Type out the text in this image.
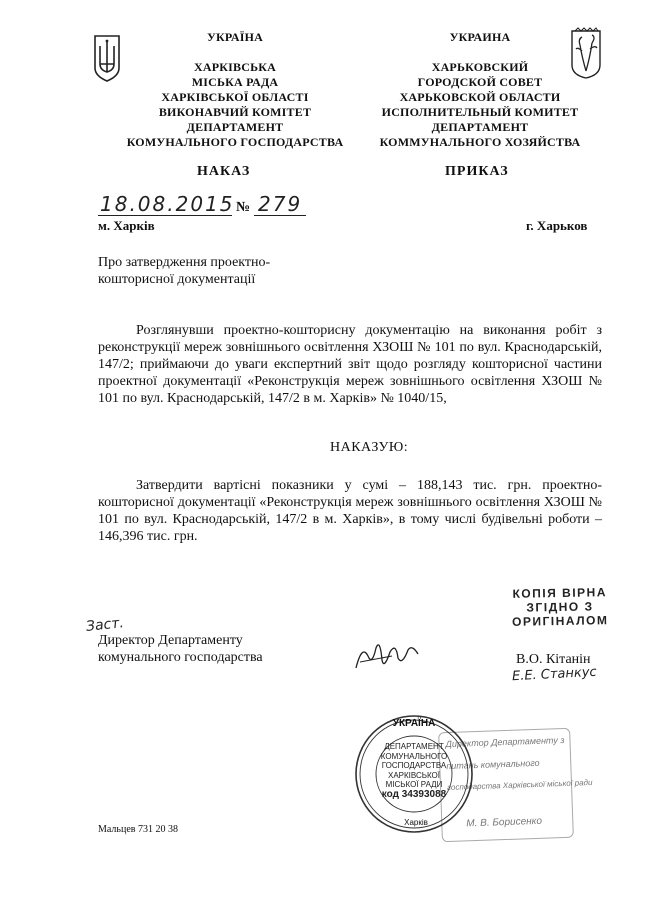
УКРАЇНА
ХАРКІВСЬКА
МІСЬКА РАДА
ХАРКІВСЬКОЇ ОБЛАСТІ
ВИКОНАВЧИЙ КОМІТЕТ
ДЕПАРТАМЕНТ
КОМУНАЛЬНОГО ГОСПОДАРСТВА
УКРАИНА
ХАРЬКОВСКИЙ
ГОРОДСКОЙ СОВЕТ
ХАРЬКОВСКОЙ ОБЛАСТИ
ИСПОЛНИТЕЛЬНЫЙ КОМИТЕТ
ДЕПАРТАМЕНТ
КОММУНАЛЬНОГО ХОЗЯЙСТВА
НАКАЗ	ПРИКАЗ
18.08.2015 № 279
м. Харків	г. Харьков
Про затвердження проектно-
кошторисної документації
Розглянувши проектно-кошторисну документацію на виконання робіт з реконструкції мереж зовнішнього освітлення ХЗОШ № 101 по вул. Краснодарській, 147/2; приймаючи до уваги експертний звіт щодо розгляду кошторисної частини проектної документації «Реконструкція мереж зовнішнього освітлення ХЗОШ № 101 по вул. Краснодарській, 147/2 в м. Харків» № 1040/15,
НАКАЗУЮ:
Затвердити вартісні показники у сумі – 188,143 тис. грн. проектно-кошторисної документації «Реконструкція мереж зовнішнього освітлення ХЗОШ № 101 по вул. Краснодарській, 147/2 в м. Харків», в тому числі будівельні роботи – 146,396 тис. грн.
КОПІЯ ВІРНА
ЗГІДНО З
ОРИГІНАЛОМ
Заст.
Директор Департаменту
комунального господарства	В.О. Кітанін
Е.Е. Станкус
Директор Департаменту з
питань комунального
господарства Харківської міської ради
М. В. Борисенко
УКРАЇНА
ДЕПАРТАМЕНТ
КОМУНАЛЬНОГО
ГОСПОДАРСТВА
ХАРКІВСЬКОЇ
МІСЬКОЇ РАДИ
код 34393088
Харків
Мальцев 731 20 38
